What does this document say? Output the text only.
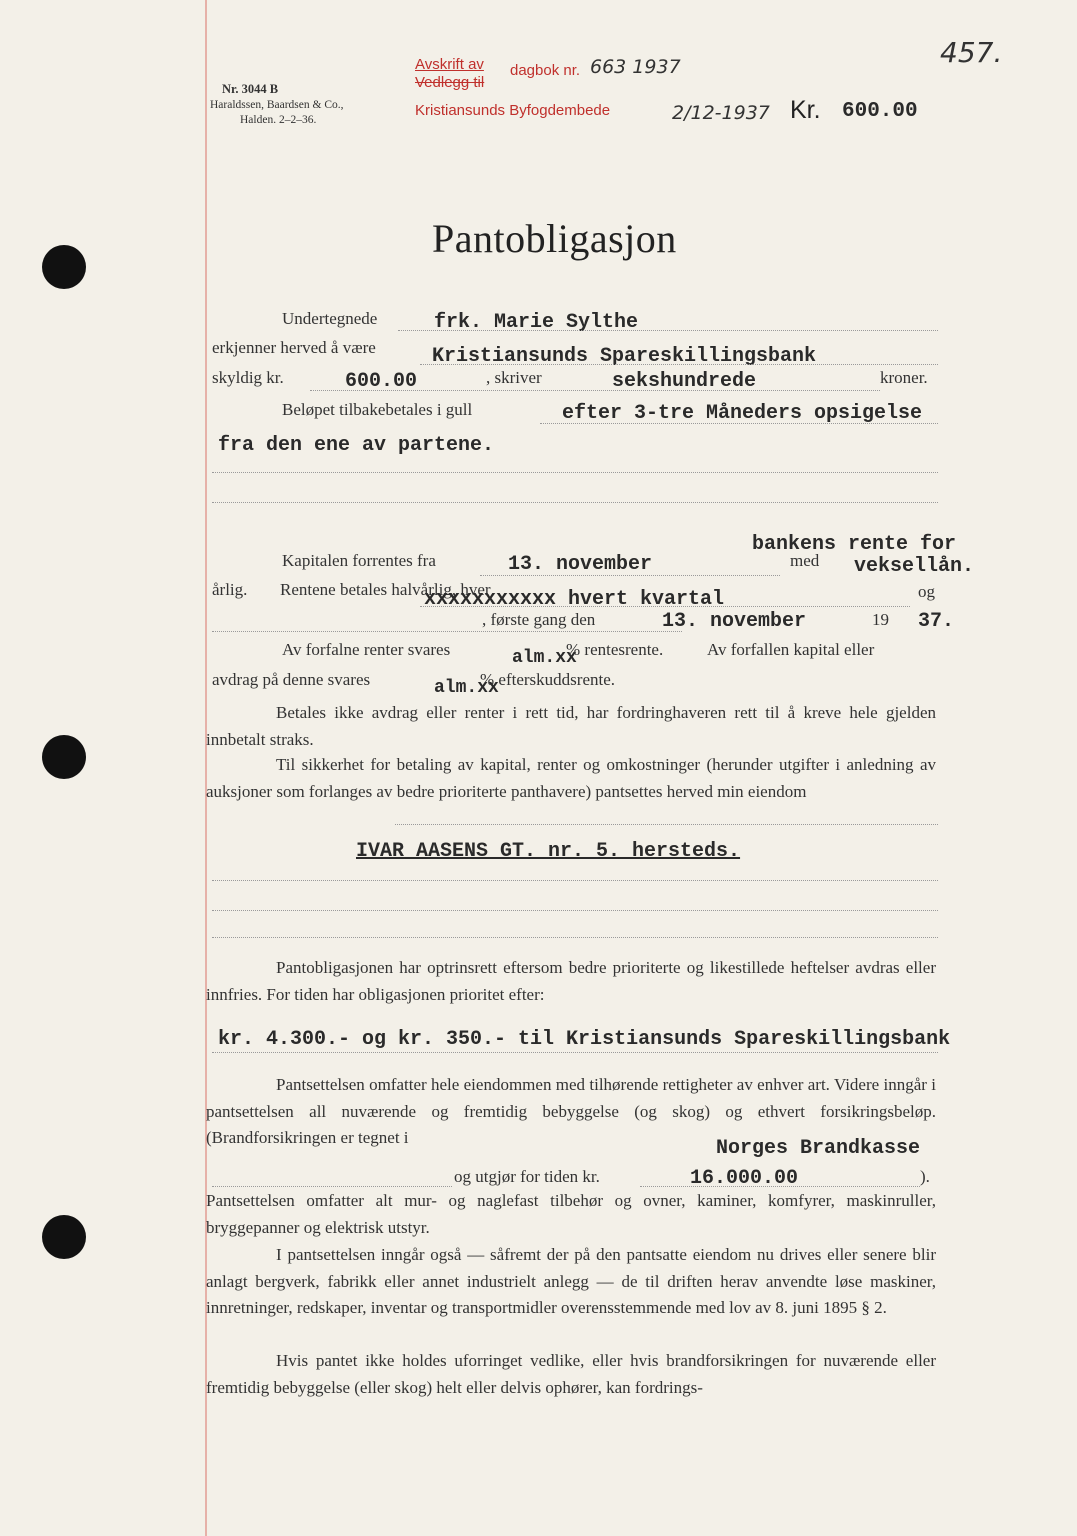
Nr. 3044 B
Haraldssen, Baardsen & Co.,
Halden. 2–2–36.
Avskrift av
Vedlegg til
dagbok nr.
Kristiansunds Byfogdembede
663 1937
2/12-1937
457.
Kr. 600.00
Pantobligasjon
Undertegnede	frk. Marie Sylthe
erkjenner herved å være	Kristiansunds Spareskillingsbank
skyldig kr.	600.00	, skriver	sekshundrede	kroner.
Beløpet tilbakebetales i gull	efter 3-tre Måneders opsigelse
fra den ene av partene.
bankens rente for
Kapitalen forrentes fra	13. november	med veksellån.
årlig. Rentene betales halvårlig, hver
xxxxxxxxxxx hvert kvartal	og
, første gang den	13. november	19 37.
Av forfalne renter svares	alm.xx
% rentesrente.	Av forfallen kapital eller
avdrag på denne svares	alm.xx
% efterskuddsrente.
Betales ikke avdrag eller renter i rett tid, har fordringhaveren rett til å kreve hele gjelden innbetalt straks.
Til sikkerhet for betaling av kapital, renter og omkostninger (herunder utgifter i anledning av auksjoner som forlanges av bedre prioriterte panthavere) pantsettes herved min eiendom
IVAR AASENS GT. nr. 5. hersteds.
Pantobligasjonen har optrinsrett eftersom bedre prioriterte og likestillede heftelser avdras eller innfries. For tiden har obligasjonen prioritet efter:
kr. 4.300.- og kr. 350.- til Kristiansunds Spareskillingsbank
Pantsettelsen omfatter hele eiendommen med tilhørende rettigheter av enhver art. Videre inngår i pantsettelsen all nuværende og fremtidig bebyggelse (og skog) og ethvert forsikringsbeløp. (Brandforsikringen er tegnet i	Norges Brandkasse
og utgjør for tiden kr.	16.000.00	).
Pantsettelsen omfatter alt mur- og naglefast tilbehør og ovner, kaminer, komfyrer, maskinruller, bryggepanner og elektrisk utstyr.
I pantsettelsen inngår også — såfremt der på den pantsatte eiendom nu drives eller senere blir anlagt bergverk, fabrikk eller annet industrielt anlegg — de til driften herav anvendte løse maskiner, innretninger, redskaper, inventar og transportmidler overensstemmende med lov av 8. juni 1895 § 2.
Hvis pantet ikke holdes uforringet vedlike, eller hvis brandforsikringen for nuværende eller fremtidig bebyggelse (eller skog) helt eller delvis ophører, kan fordrings-
